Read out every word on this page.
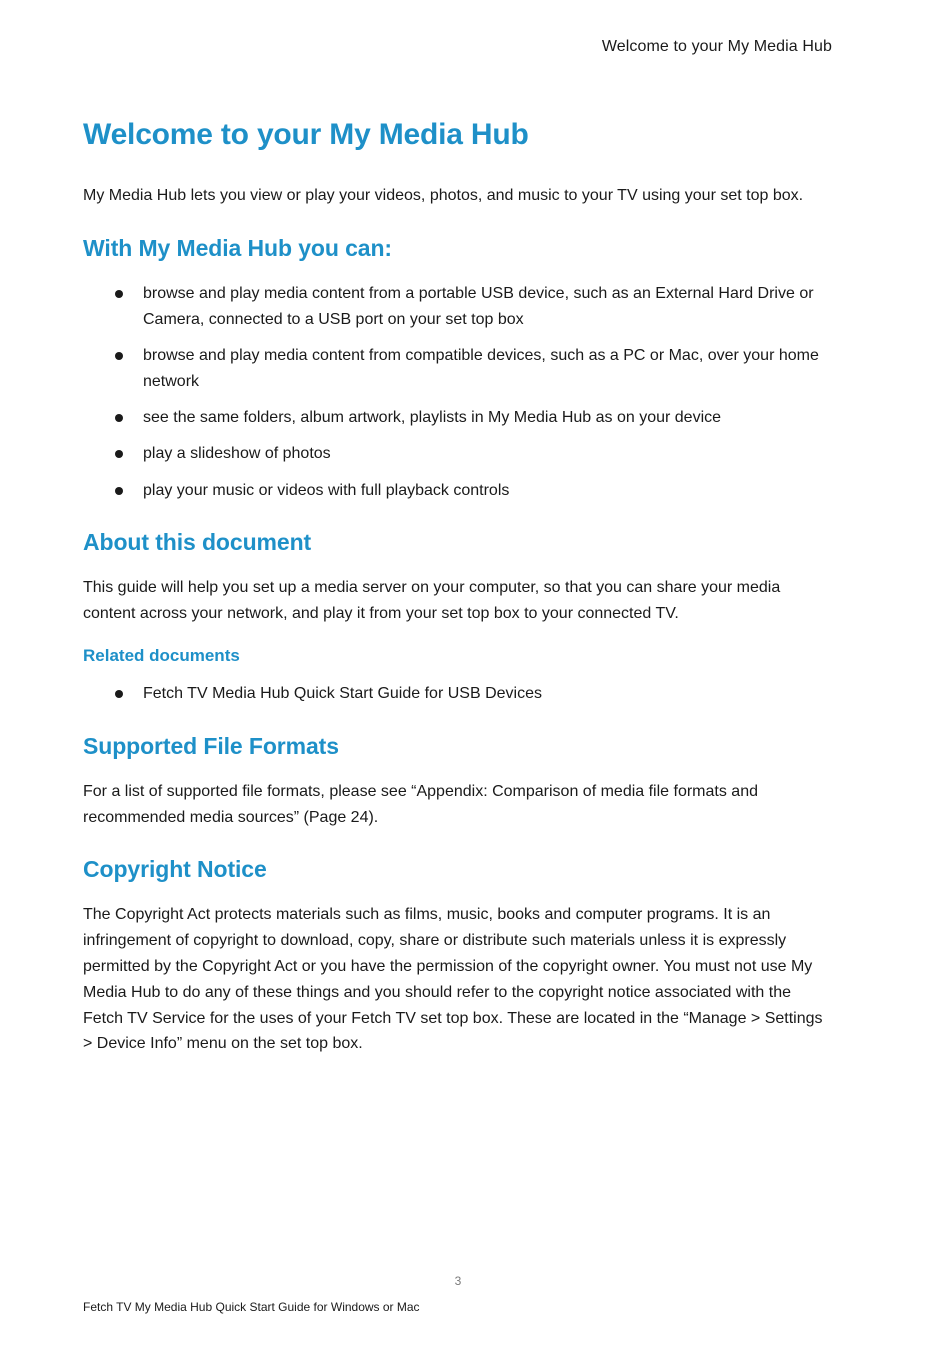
Welcome to your My Media Hub
Welcome to your My Media Hub

My Media Hub lets you view or play your videos, photos, and music to your TV using your set top box.

With My Media Hub you can:
browse and play media content from a portable USB device, such as an External Hard Drive or Camera, connected to a USB port on your set top box
browse and play media content from compatible devices, such as a PC or Mac, over your home network
see the same folders, album artwork, playlists in My Media Hub as on your device
play a slideshow of photos
play your music or videos with full playback controls
About this document

This guide will help you set up a media server on your computer, so that you can share your media content across your network, and play it from your set top box to your connected TV.

Related documents
Fetch TV Media Hub Quick Start Guide for USB Devices
Supported File Formats

For a list of supported file formats, please see “Appendix: Comparison of media file formats and recommended media sources” (Page 24).

Copyright Notice

The Copyright Act protects materials such as films, music, books and computer programs. It is an infringement of copyright to download, copy, share or distribute such materials unless it is expressly permitted by the Copyright Act or you have the permission of the copyright owner. You must not use My Media Hub to do any of these things and you should refer to the copyright notice associated with the Fetch TV Service for the uses of your Fetch TV set top box. These are located in the “Manage > Settings > Device Info” menu on the set top box.

3
Fetch TV My Media Hub Quick Start Guide for Windows or Mac
